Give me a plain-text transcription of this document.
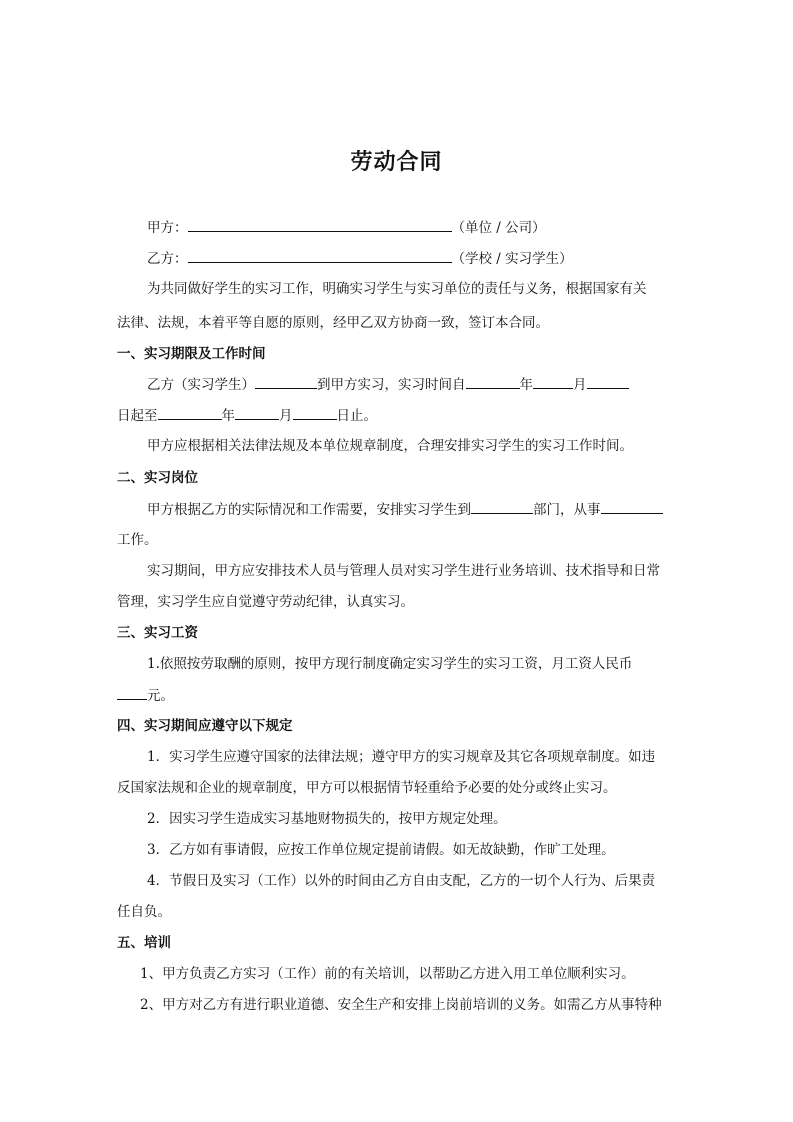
劳动合同
甲方：	（单位 / 公司）
乙方：	（学校 / 实习学生）
为共同做好学生的实习工作，明确实习学生与实习单位的责任与义务，根据国家有关
法律、法规，本着平等自愿的原则，经甲乙双方协商一致，签订本合同。
一、实习期限及工作时间
乙方（实习学生）	到甲方实习，实习时间自	年	月
日起至	年	月	日止。
甲方应根据相关法律法规及本单位规章制度，合理安排实习学生的实习工作时间。
二、实习岗位
甲方根据乙方的实际情况和工作需要，安排实习学生到	部门，从事
工作。
实习期间，甲方应安排技术人员与管理人员对实习学生进行业务培训、技术指导和日常
管理，实习学生应自觉遵守劳动纪律，认真实习。
三、实习工资
1.依照按劳取酬的原则，按甲方现行制度确定实习学生的实习工资，月工资人民币
元。
四、实习期间应遵守以下规定
1．实习学生应遵守国家的法律法规；遵守甲方的实习规章及其它各项规章制度。如违
反国家法规和企业的规章制度，甲方可以根据情节轻重给予必要的处分或终止实习。
2．因实习学生造成实习基地财物损失的，按甲方规定处理。
3．乙方如有事请假，应按工作单位规定提前请假。如无故缺勤，作旷工处理。
4．节假日及实习（工作）以外的时间由乙方自由支配，乙方的一切个人行为、后果责
任自负。
五、培训
1、甲方负责乙方实习（工作）前的有关培训，以帮助乙方进入用工单位顺利实习。
2、甲方对乙方有进行职业道德、安全生产和安排上岗前培训的义务。如需乙方从事特种
